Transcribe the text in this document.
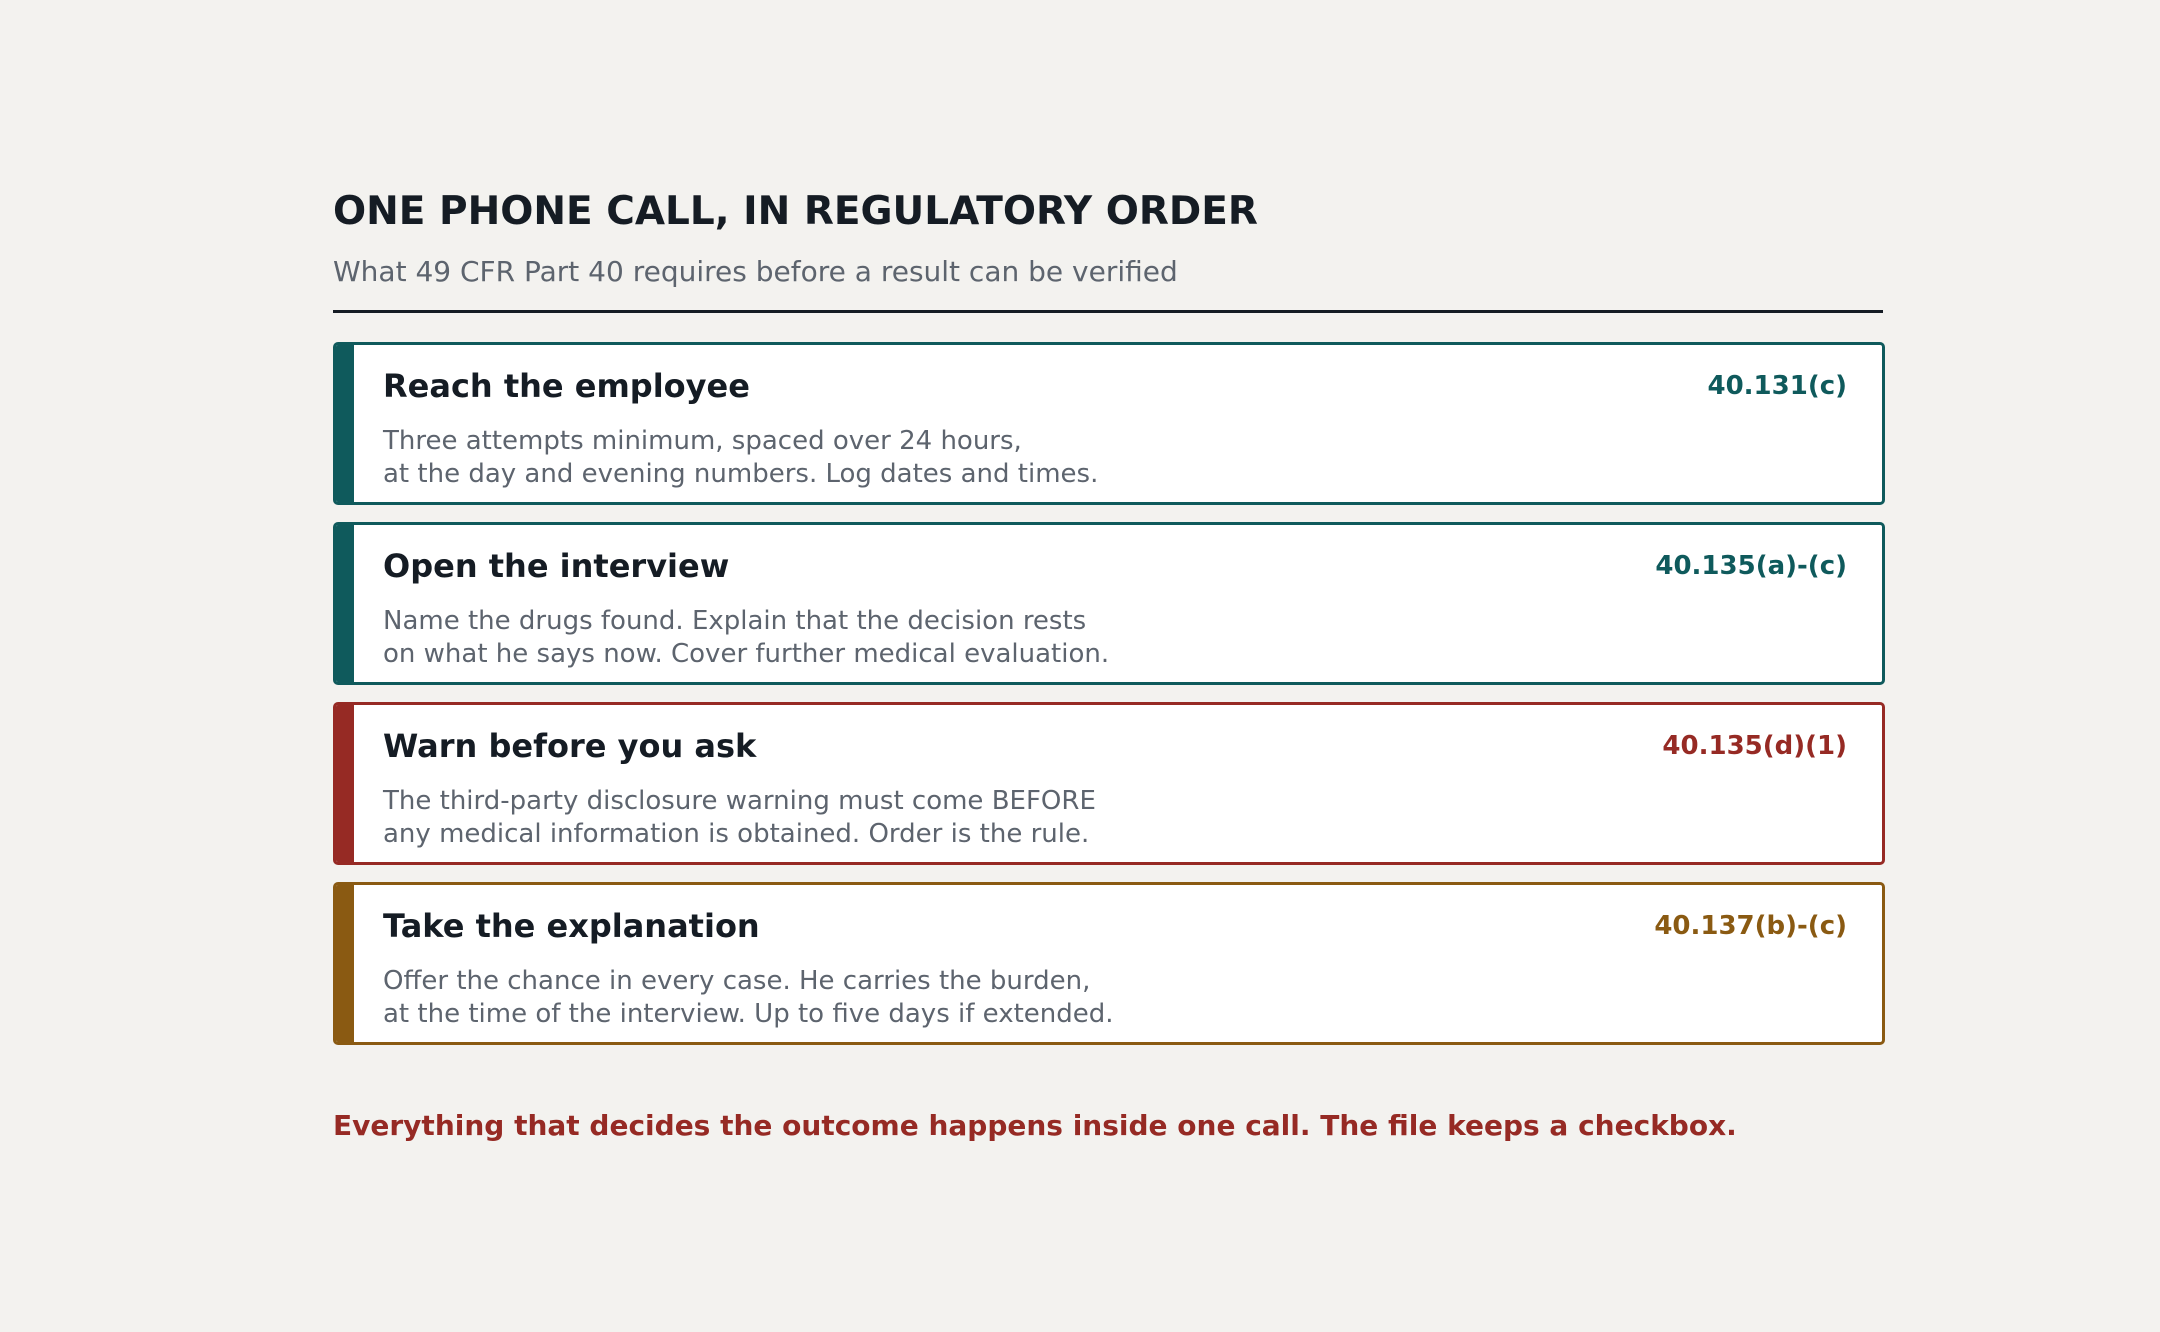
ONE PHONE CALL, IN REGULATORY ORDER
What 49 CFR Part 40 requires before a result can be verified
Reach the employee	40.131(c)
Three attempts minimum, spaced over 24 hours,
at the day and evening numbers. Log dates and times.
Open the interview	40.135(a)-(c)
Name the drugs found. Explain that the decision rests
on what he says now. Cover further medical evaluation.
Warn before you ask	40.135(d)(1)
The third-party disclosure warning must come BEFORE
any medical information is obtained. Order is the rule.
Take the explanation	40.137(b)-(c)
Offer the chance in every case. He carries the burden,
at the time of the interview. Up to five days if extended.
Everything that decides the outcome happens inside one call. The file keeps a checkbox.
